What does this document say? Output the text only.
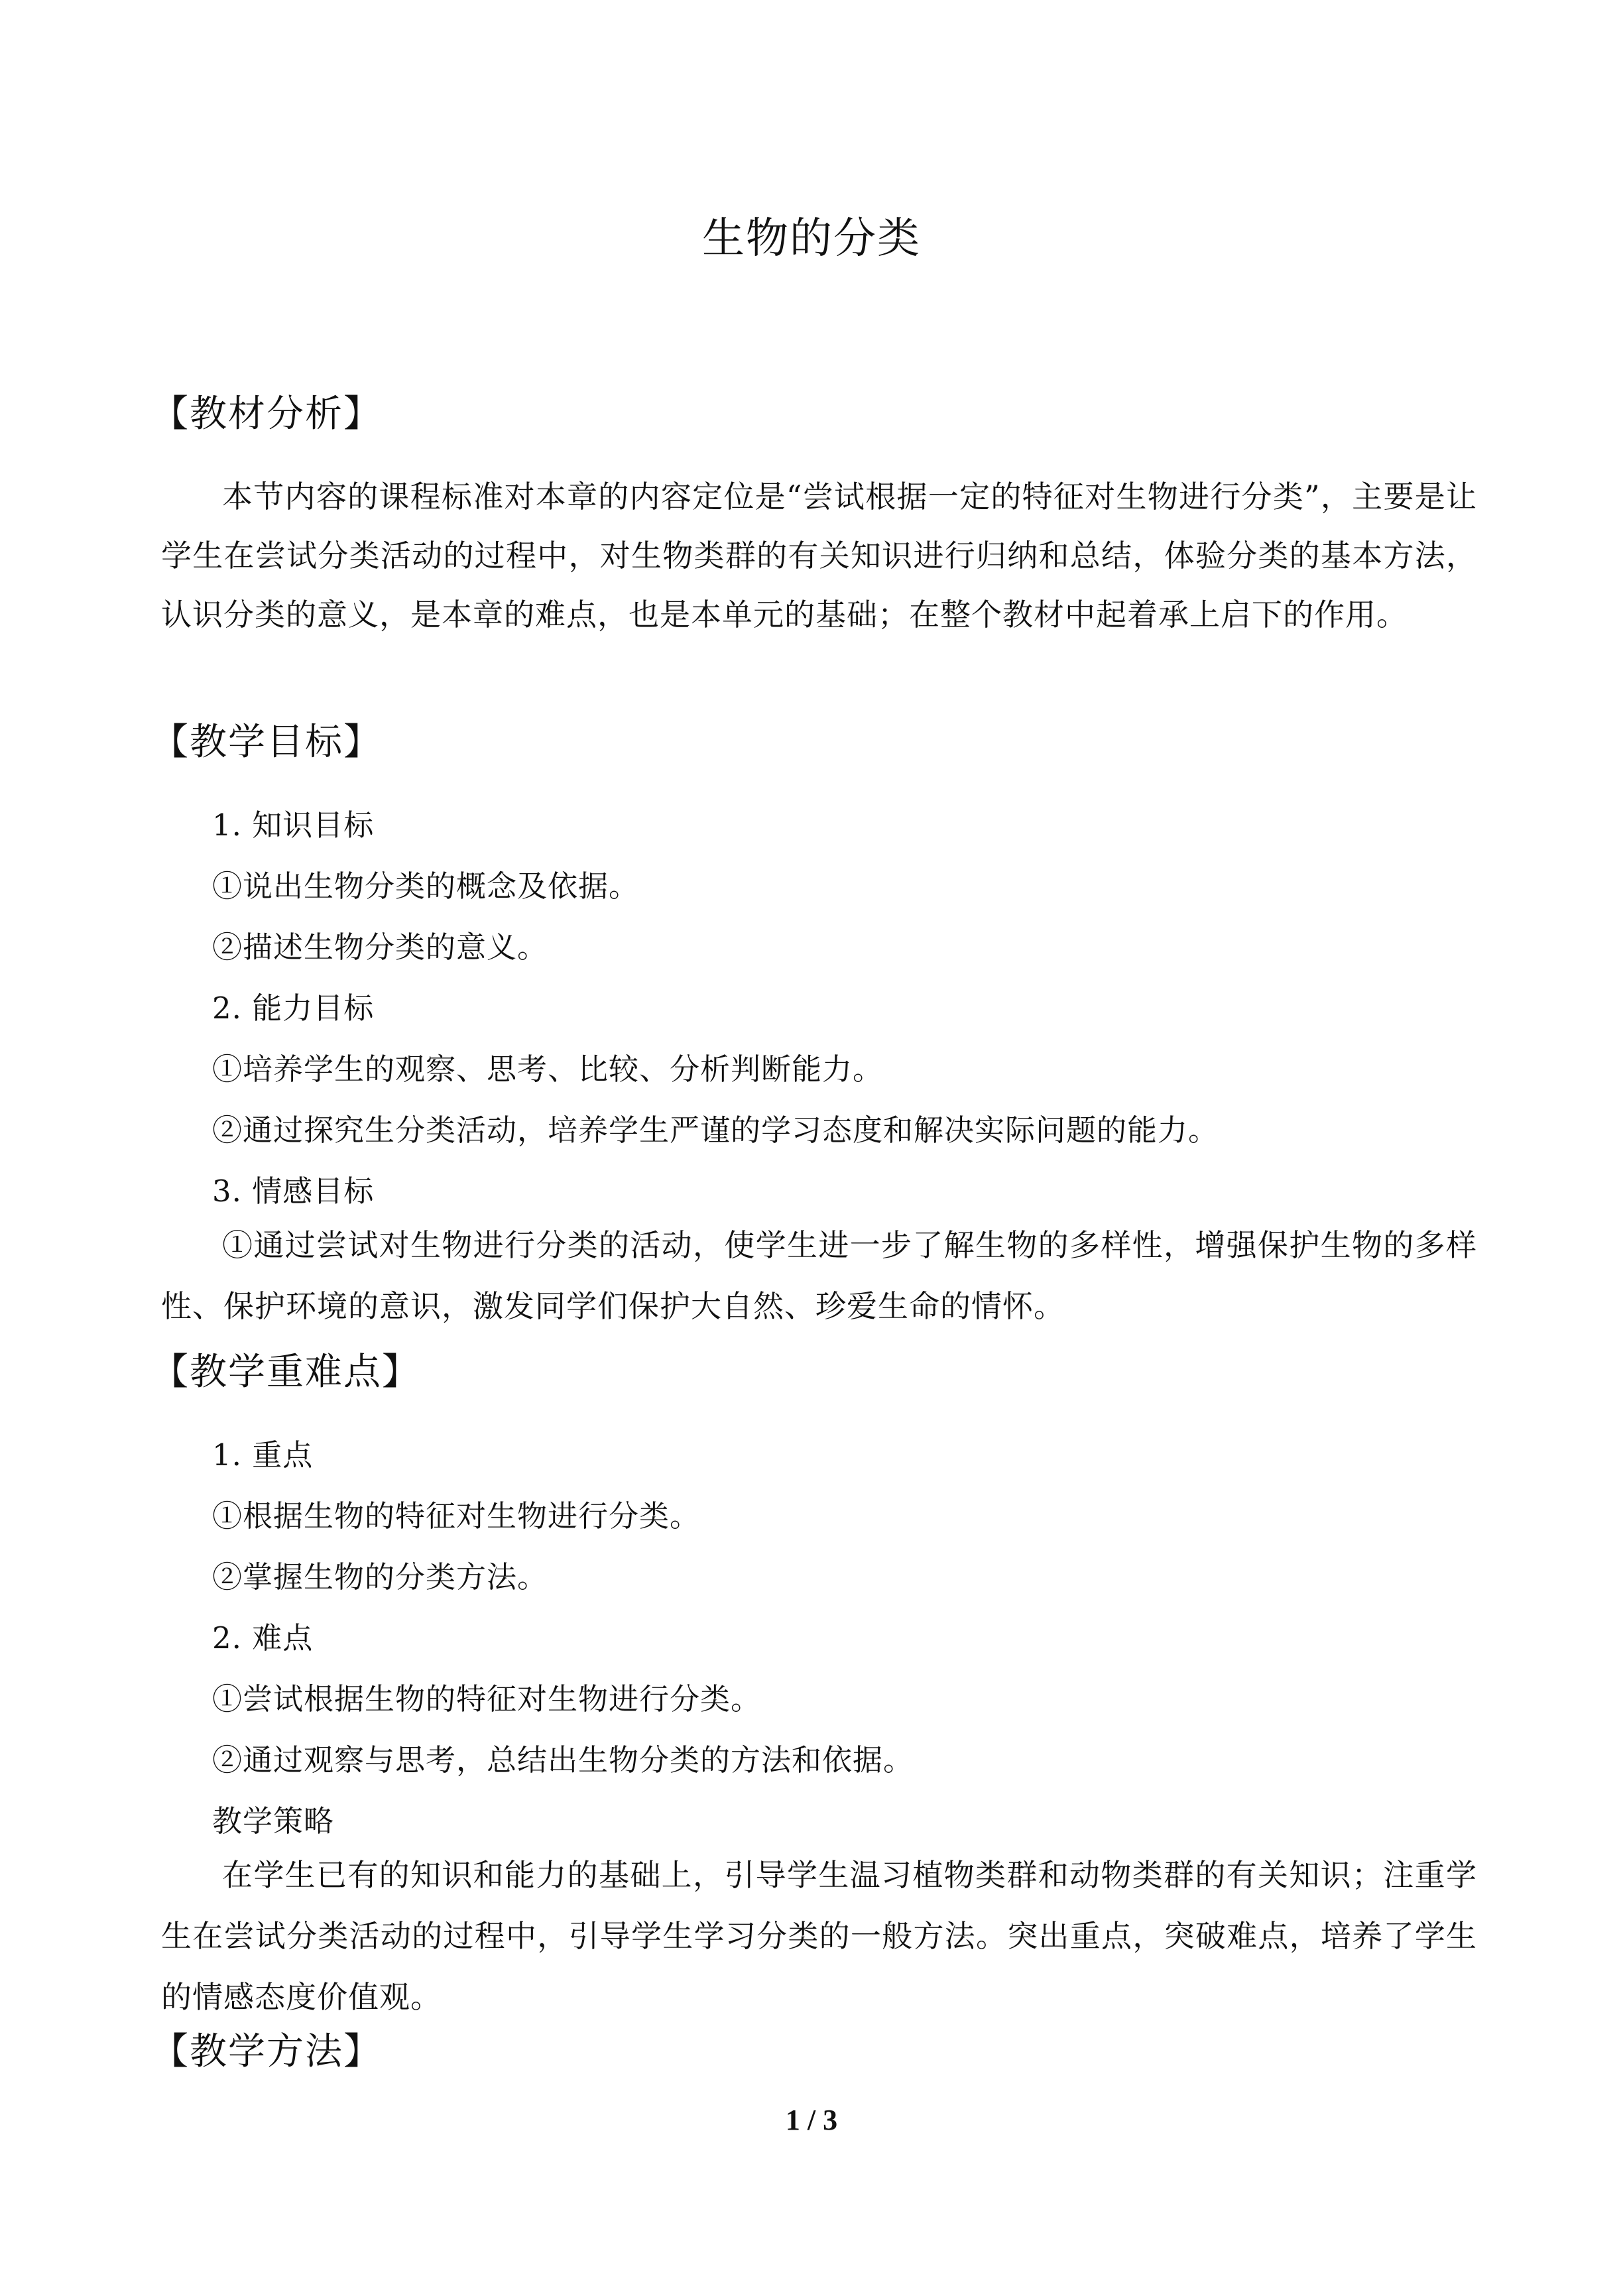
生物的分类
【教材分析】

本节内容的课程标准对本章的内容定位是“尝试根据一定的特征对生物进行分类”，主要是让学生在尝试分类活动的过程中，对生物类群的有关知识进行归纳和总结，体验分类的基本方法，认识分类的意义，是本章的难点，也是本单元的基础；在整个教材中起着承上启下的作用。

【教学目标】
1. 知识目标
①说出生物分类的概念及依据。
②描述生物分类的意义。
2. 能力目标
①培养学生的观察、思考、比较、分析判断能力。
②通过探究生分类活动，培养学生严谨的学习态度和解决实际问题的能力。
3. 情感目标

①通过尝试对生物进行分类的活动，使学生进一步了解生物的多样性，增强保护生物的多样性、保护环境的意识，激发同学们保护大自然、珍爱生命的情怀。

【教学重难点】
1. 重点
①根据生物的特征对生物进行分类。
②掌握生物的分类方法。
2. 难点
①尝试根据生物的特征对生物进行分类。
②通过观察与思考，总结出生物分类的方法和依据。
教学策略

在学生已有的知识和能力的基础上，引导学生温习植物类群和动物类群的有关知识；注重学生在尝试分类活动的过程中，引导学生学习分类的一般方法。突出重点，突破难点，培养了学生的情感态度价值观。

【教学方法】
1 / 3
